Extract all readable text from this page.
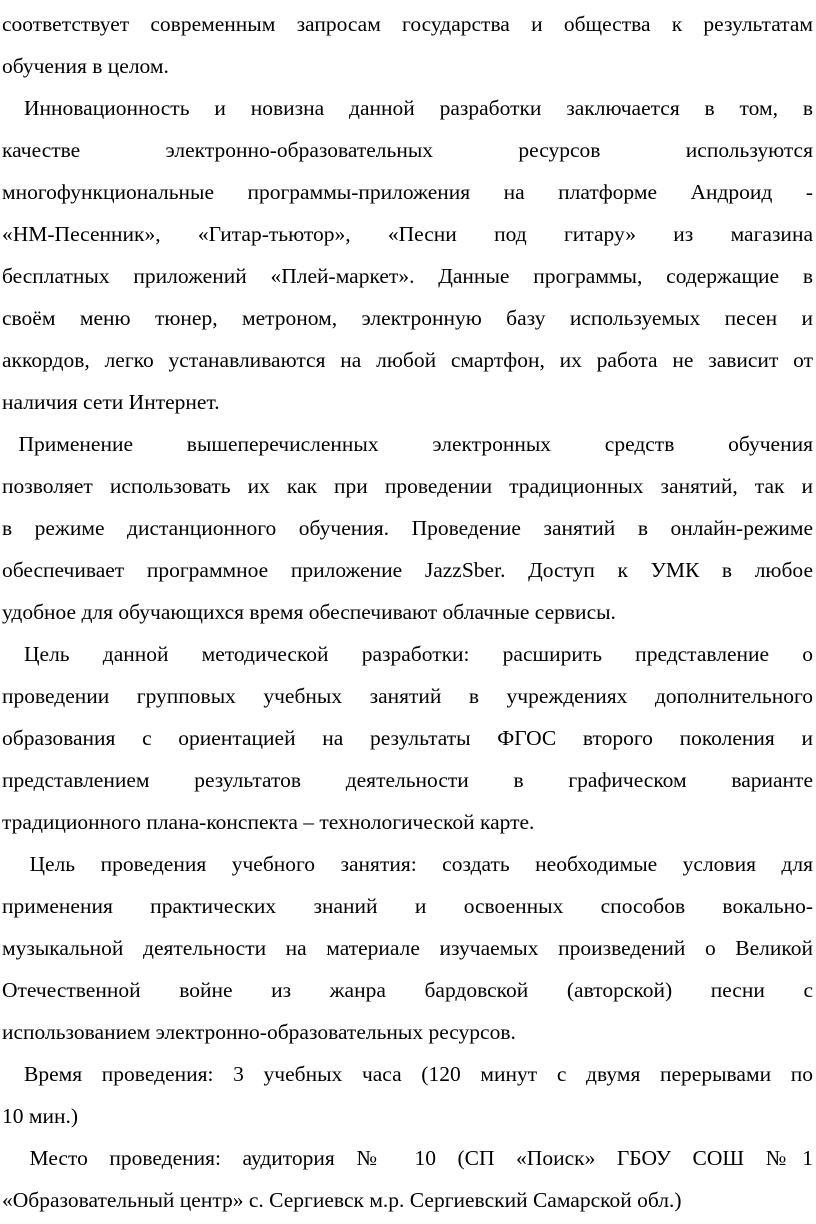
соответствует современным запросам государства и общества к результатам
обучения в целом.
Инновационность и новизна данной разработки заключается в том, в
качестве электронно-образовательных ресурсов используются
многофункциональные программы-приложения на платформе Андроид -
«НМ-Песенник», «Гитар-тьютор», «Песни под гитару» из магазина
бесплатных приложений «Плей-маркет». Данные программы, содержащие в
своём меню тюнер, метроном, электронную базу используемых песен и
аккордов, легко устанавливаются на любой смартфон, их работа не зависит от
наличия сети Интернет.
Применение вышеперечисленных электронных средств обучения
позволяет использовать их как при проведении традиционных занятий, так и
в режиме дистанционного обучения. Проведение занятий в онлайн-режиме
обеспечивает программное приложение JazzSber. Доступ к УМК в любое
удобное для обучающихся время обеспечивают облачные сервисы.
Цель данной методической разработки: расширить представление о
проведении групповых учебных занятий в учреждениях дополнительного
образования с ориентацией на результаты ФГОС второго поколения и
представлением результатов деятельности в графическом варианте
традиционного плана-конспекта – технологической карте.
Цель проведения учебного занятия: создать необходимые условия для
применения практических знаний и освоенных способов вокально-
музыкальной деятельности на материале изучаемых произведений о Великой
Отечественной войне из жанра бардовской (авторской) песни с
использованием электронно-образовательных ресурсов.
Время проведения: 3 учебных часа (120 минут с двумя перерывами по
10 мин.)
Место проведения: аудитория № 10 (СП «Поиск» ГБОУ СОШ №1
«Образовательный центр» с. Сергиевск м.р. Сергиевский Самарской обл.)
